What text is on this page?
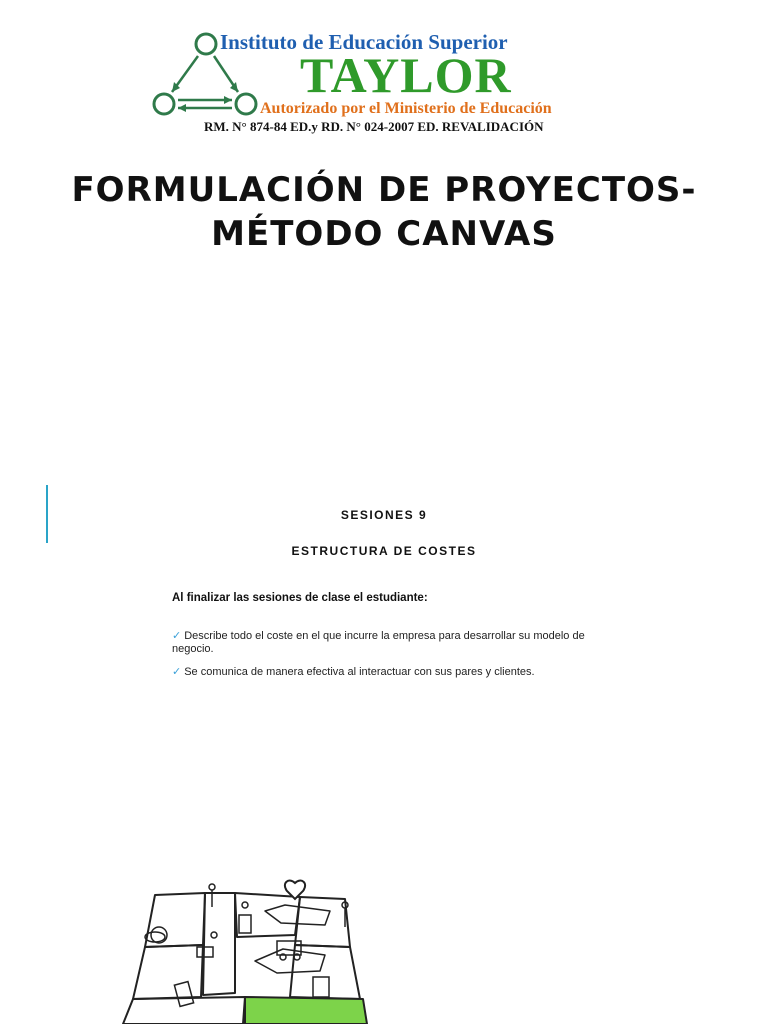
Instituto de Educación Superior
TAYLOR
Autorizado por el Ministerio de Educación
RM. N° 874-84 ED.y RD. N° 024-2007 ED. REVALIDACIÓN
FORMULACIÓN DE PROYECTOS-
MÉTODO CANVAS
SESIONES 9
ESTRUCTURA DE COSTES
Al finalizar las sesiones de clase el estudiante:
✓ Describe todo el coste en el que incurre la empresa para desarrollar su modelo de negocio.
✓ Se comunica de manera efectiva al interactuar con sus pares y clientes.
